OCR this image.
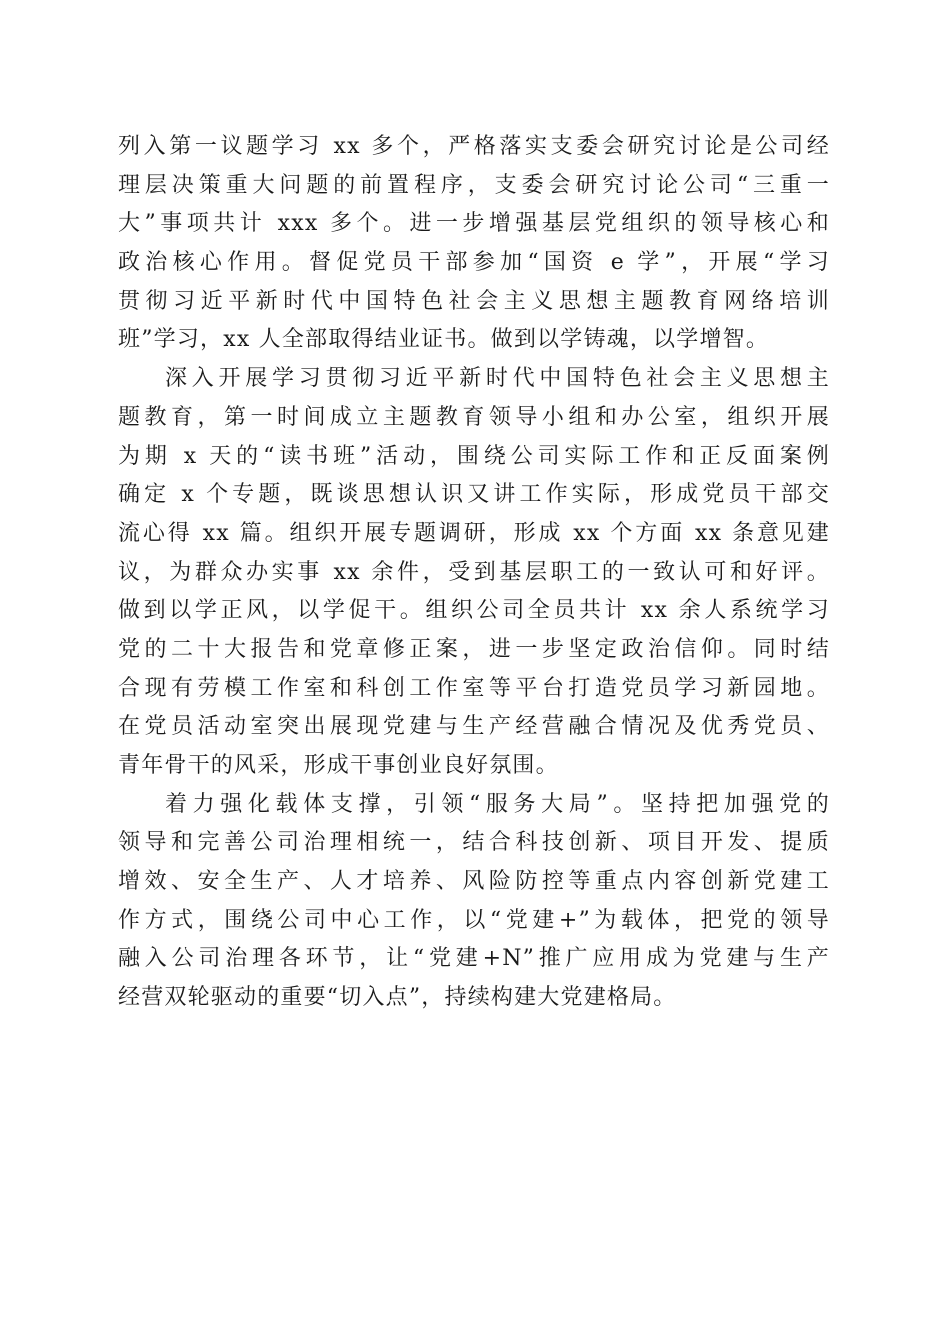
列入第一议题学习 xx 多个，严格落实支委会研究讨论是公司经
理层决策重大问题的前置程序，支委会研究讨论公司“三重一
大”事项共计 xxx 多个。进一步增强基层党组织的领导核心和
政治核心作用。督促党员干部参加“国资 e 学”，开展“学习
贯彻习近平新时代中国特色社会主义思想主题教育网络培训
班”学习，xx 人全部取得结业证书。做到以学铸魂，以学增智。
深入开展学习贯彻习近平新时代中国特色社会主义思想主
题教育，第一时间成立主题教育领导小组和办公室，组织开展
为期 x 天的“读书班”活动，围绕公司实际工作和正反面案例
确定 x 个专题，既谈思想认识又讲工作实际，形成党员干部交
流心得 xx 篇。组织开展专题调研，形成 xx 个方面 xx 条意见建
议，为群众办实事 xx 余件，受到基层职工的一致认可和好评。
做到以学正风，以学促干。组织公司全员共计 xx 余人系统学习
党的二十大报告和党章修正案，进一步坚定政治信仰。同时结
合现有劳模工作室和科创工作室等平台打造党员学习新园地。
在党员活动室突出展现党建与生产经营融合情况及优秀党员、
青年骨干的风采，形成干事创业良好氛围。
着力强化载体支撑，引领“服务大局”。坚持把加强党的
领导和完善公司治理相统一，结合科技创新、项目开发、提质
增效、安全生产、人才培养、风险防控等重点内容创新党建工
作方式，围绕公司中心工作，以“党建+”为载体，把党的领导
融入公司治理各环节，让“党建+N”推广应用成为党建与生产
经营双轮驱动的重要“切入点”，持续构建大党建格局。
